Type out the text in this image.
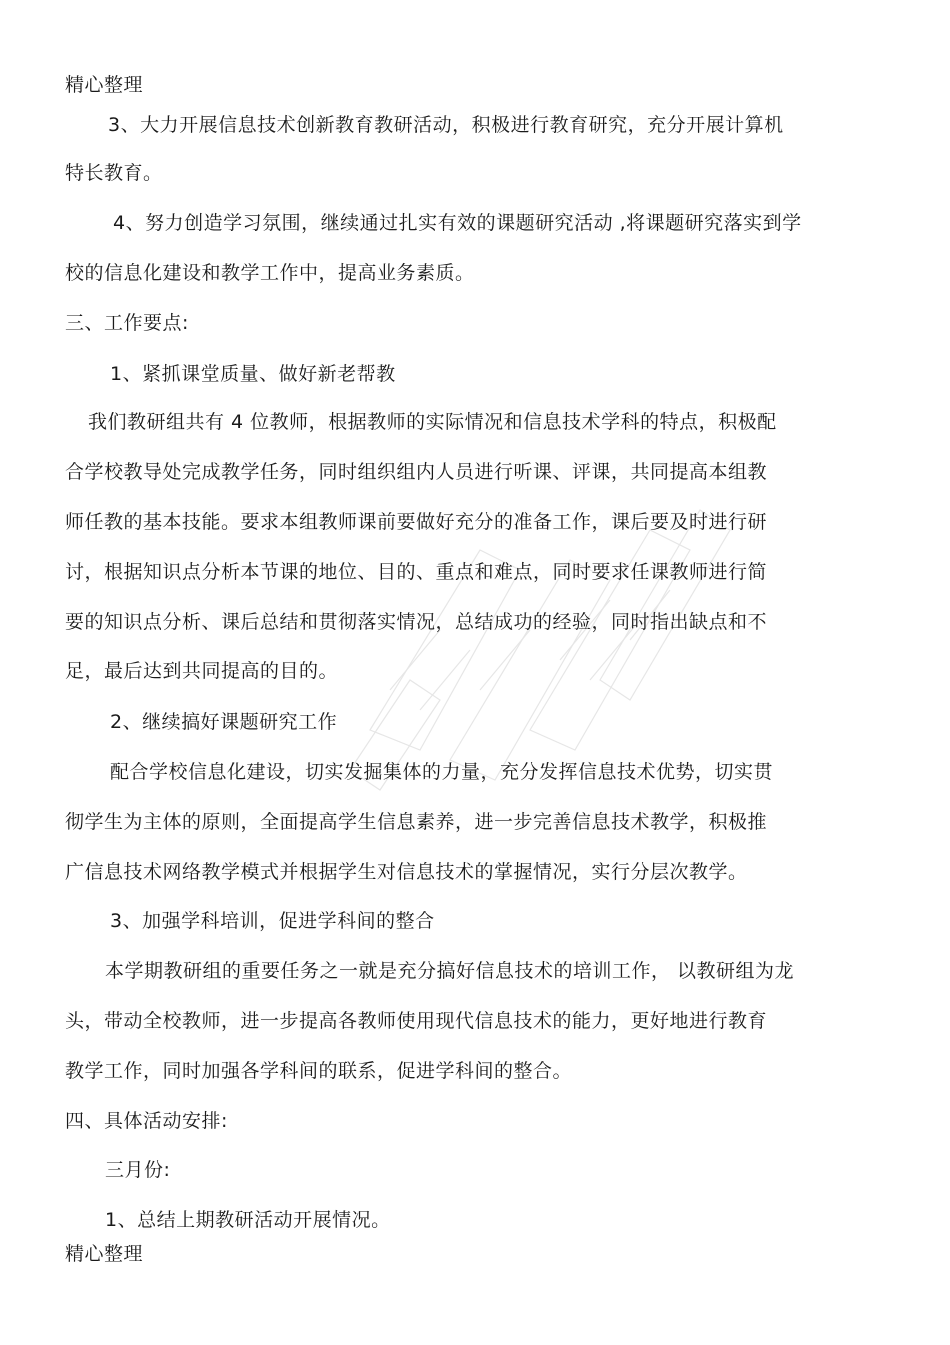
精心整理
3、大力开展信息技术创新教育教研活动，积极进行教育研究，充分开展计算机
特长教育。
4、努力创造学习氛围，继续通过扎实有效的课题研究活动 ,将课题研究落实到学
校的信息化建设和教学工作中，提高业务素质。
三、工作要点:
1、紧抓课堂质量、做好新老帮教
我们教研组共有 4 位教师，根据教师的实际情况和信息技术学科的特点，积极配
合学校教导处完成教学任务，同时组织组内人员进行听课、评课，共同提高本组教
师任教的基本技能。要求本组教师课前要做好充分的准备工作，课后要及时进行研
讨，根据知识点分析本节课的地位、目的、重点和难点，同时要求任课教师进行简
要的知识点分析、课后总结和贯彻落实情况，总结成功的经验，同时指出缺点和不
足，最后达到共同提高的目的。
2、继续搞好课题研究工作
配合学校信息化建设，切实发掘集体的力量，充分发挥信息技术优势，切实贯
彻学生为主体的原则，全面提高学生信息素养，进一步完善信息技术教学，积极推
广信息技术网络教学模式并根据学生对信息技术的掌握情况，实行分层次教学。
3、加强学科培训，促进学科间的整合
本学期教研组的重要任务之一就是充分搞好信息技术的培训工作， 以教研组为龙
头，带动全校教师，进一步提高各教师使用现代信息技术的能力，更好地进行教育
教学工作，同时加强各学科间的联系，促进学科间的整合。
四、具体活动安排:
三月份:
1、总结上期教研活动开展情况。
精心整理
